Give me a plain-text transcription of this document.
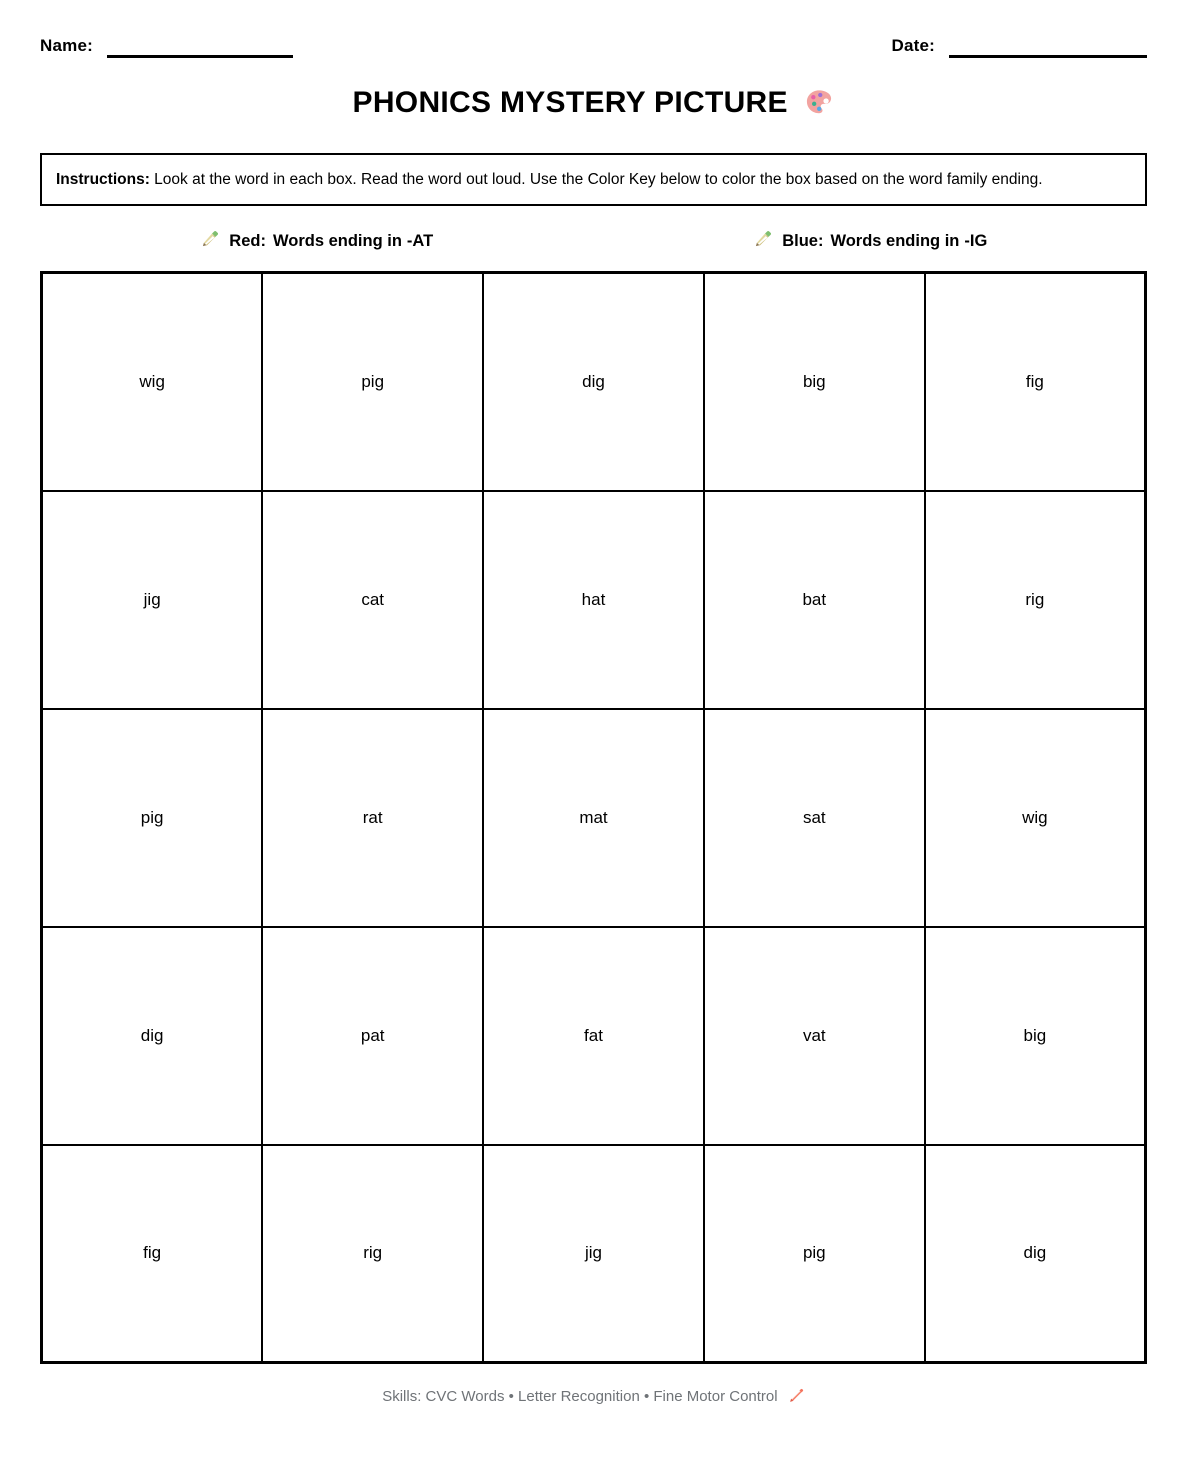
Name:	Date:
PHONICS MYSTERY PICTURE
Instructions: Look at the word in each box. Read the word out loud. Use the Color Key below to color the box based on the word family ending.
Red: Words ending in -AT	Blue: Words ending in -IG
wig	pig	dig	big	fig
jig	cat	hat	bat	rig
pig	rat	mat	sat	wig
dig	pat	fat	vat	big
fig	rig	jig	pig	dig
Skills: CVC Words • Letter Recognition • Fine Motor Control
